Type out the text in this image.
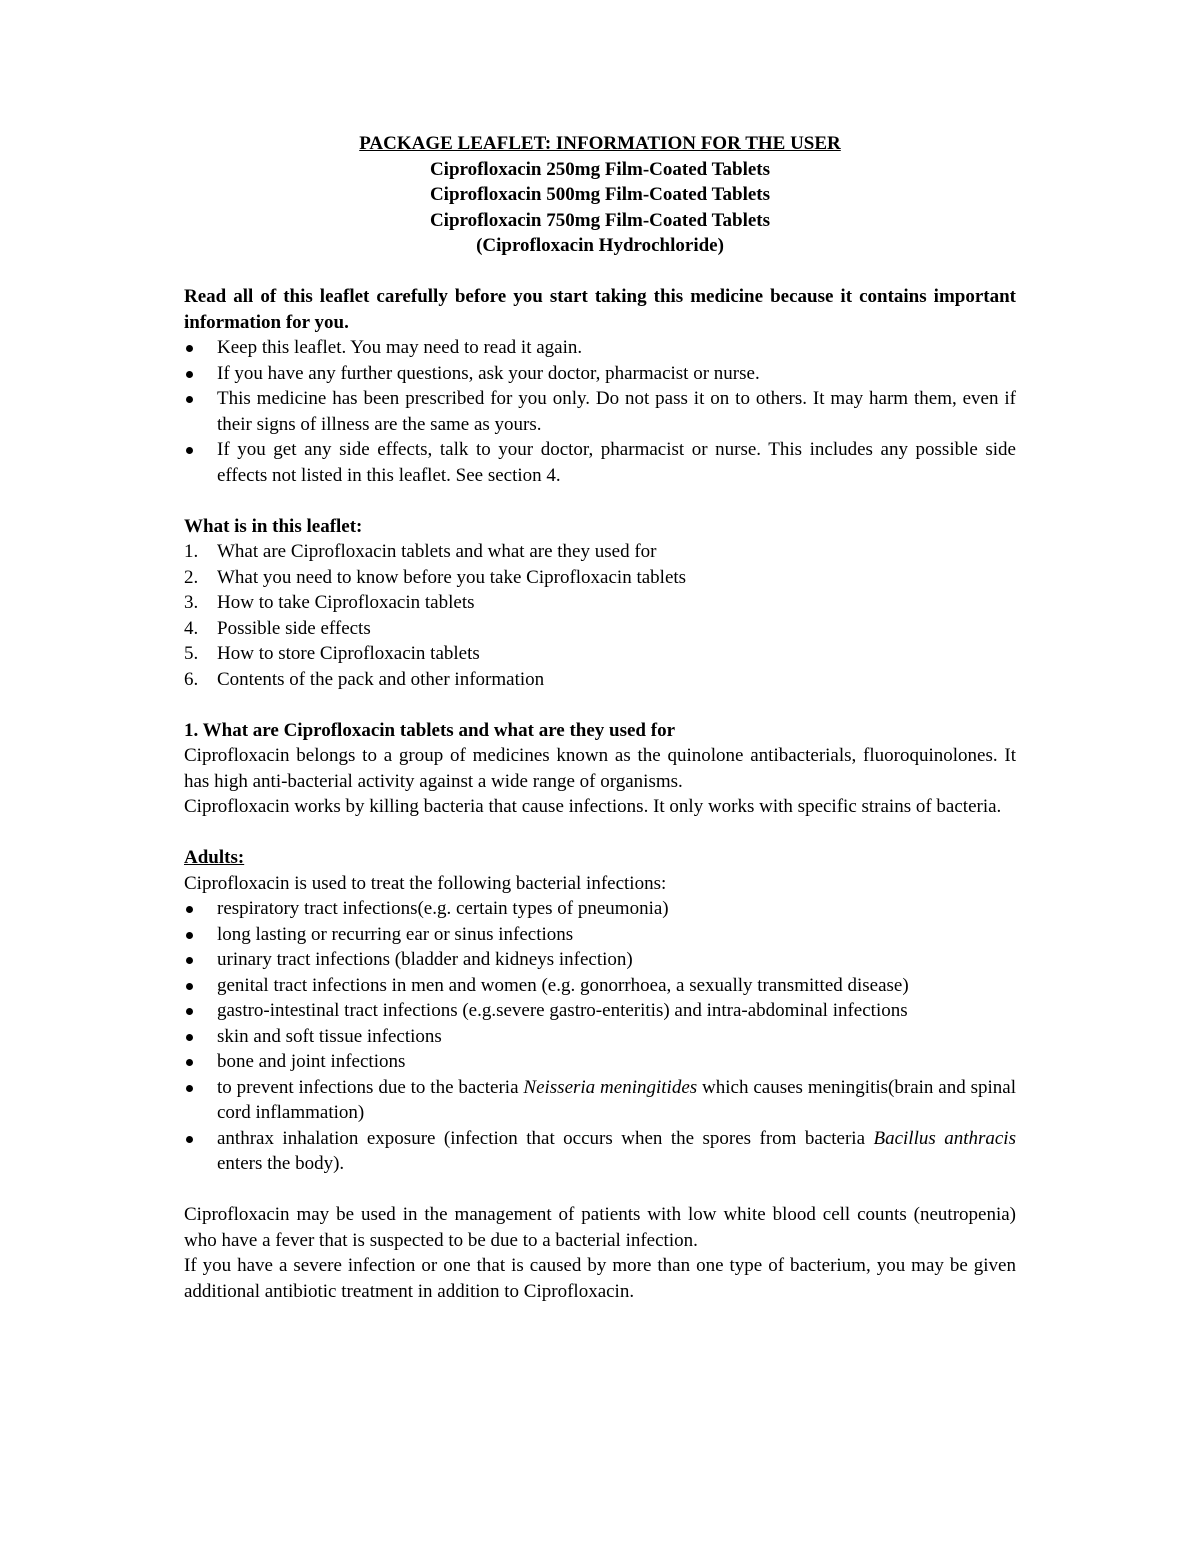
PACKAGE LEAFLET: INFORMATION FOR THE USER
Ciprofloxacin 250mg Film-Coated Tablets
Ciprofloxacin 500mg Film-Coated Tablets
Ciprofloxacin 750mg Film-Coated Tablets
(Ciprofloxacin Hydrochloride)

Read all of this leaflet carefully before you start taking this medicine because it contains important information for you.

Keep this leaflet. You may need to read it again.
If you have any further questions, ask your doctor, pharmacist or nurse.
This medicine has been prescribed for you only. Do not pass it on to others. It may harm them, even if their signs of illness are the same as yours.
If you get any side effects, talk to your doctor, pharmacist or nurse. This includes any possible side effects not listed in this leaflet. See section 4.
What is in this leaflet:
1. What are Ciprofloxacin tablets and what are they used for
2. What you need to know before you take Ciprofloxacin tablets
3. How to take Ciprofloxacin tablets
4. Possible side effects
5. How to store Ciprofloxacin tablets
6. Contents of the pack and other information
1. What are Ciprofloxacin tablets and what are they used for

Ciprofloxacin belongs to a group of medicines known as the quinolone antibacterials, fluoroquinolones. It has high anti-bacterial activity against a wide range of organisms.

Ciprofloxacin works by killing bacteria that cause infections. It only works with specific strains of bacteria.

Adults:
Ciprofloxacin is used to treat the following bacterial infections:
respiratory tract infections(e.g. certain types of pneumonia)
long lasting or recurring ear or sinus infections
urinary tract infections (bladder and kidneys infection)
genital tract infections in men and women (e.g. gonorrhoea, a sexually transmitted disease)
gastro-intestinal tract infections (e.g.severe gastro-enteritis) and intra-abdominal infections
skin and soft tissue infections
bone and joint infections
to prevent infections due to the bacteria Neisseria meningitides which causes meningitis(brain and spinal cord inflammation)
anthrax inhalation exposure (infection that occurs when the spores from bacteria Bacillus anthracis enters the body).

Ciprofloxacin may be used in the management of patients with low white blood cell counts (neutropenia) who have a fever that is suspected to be due to a bacterial infection.

If you have a severe infection or one that is caused by more than one type of bacterium, you may be given additional antibiotic treatment in addition to Ciprofloxacin.
